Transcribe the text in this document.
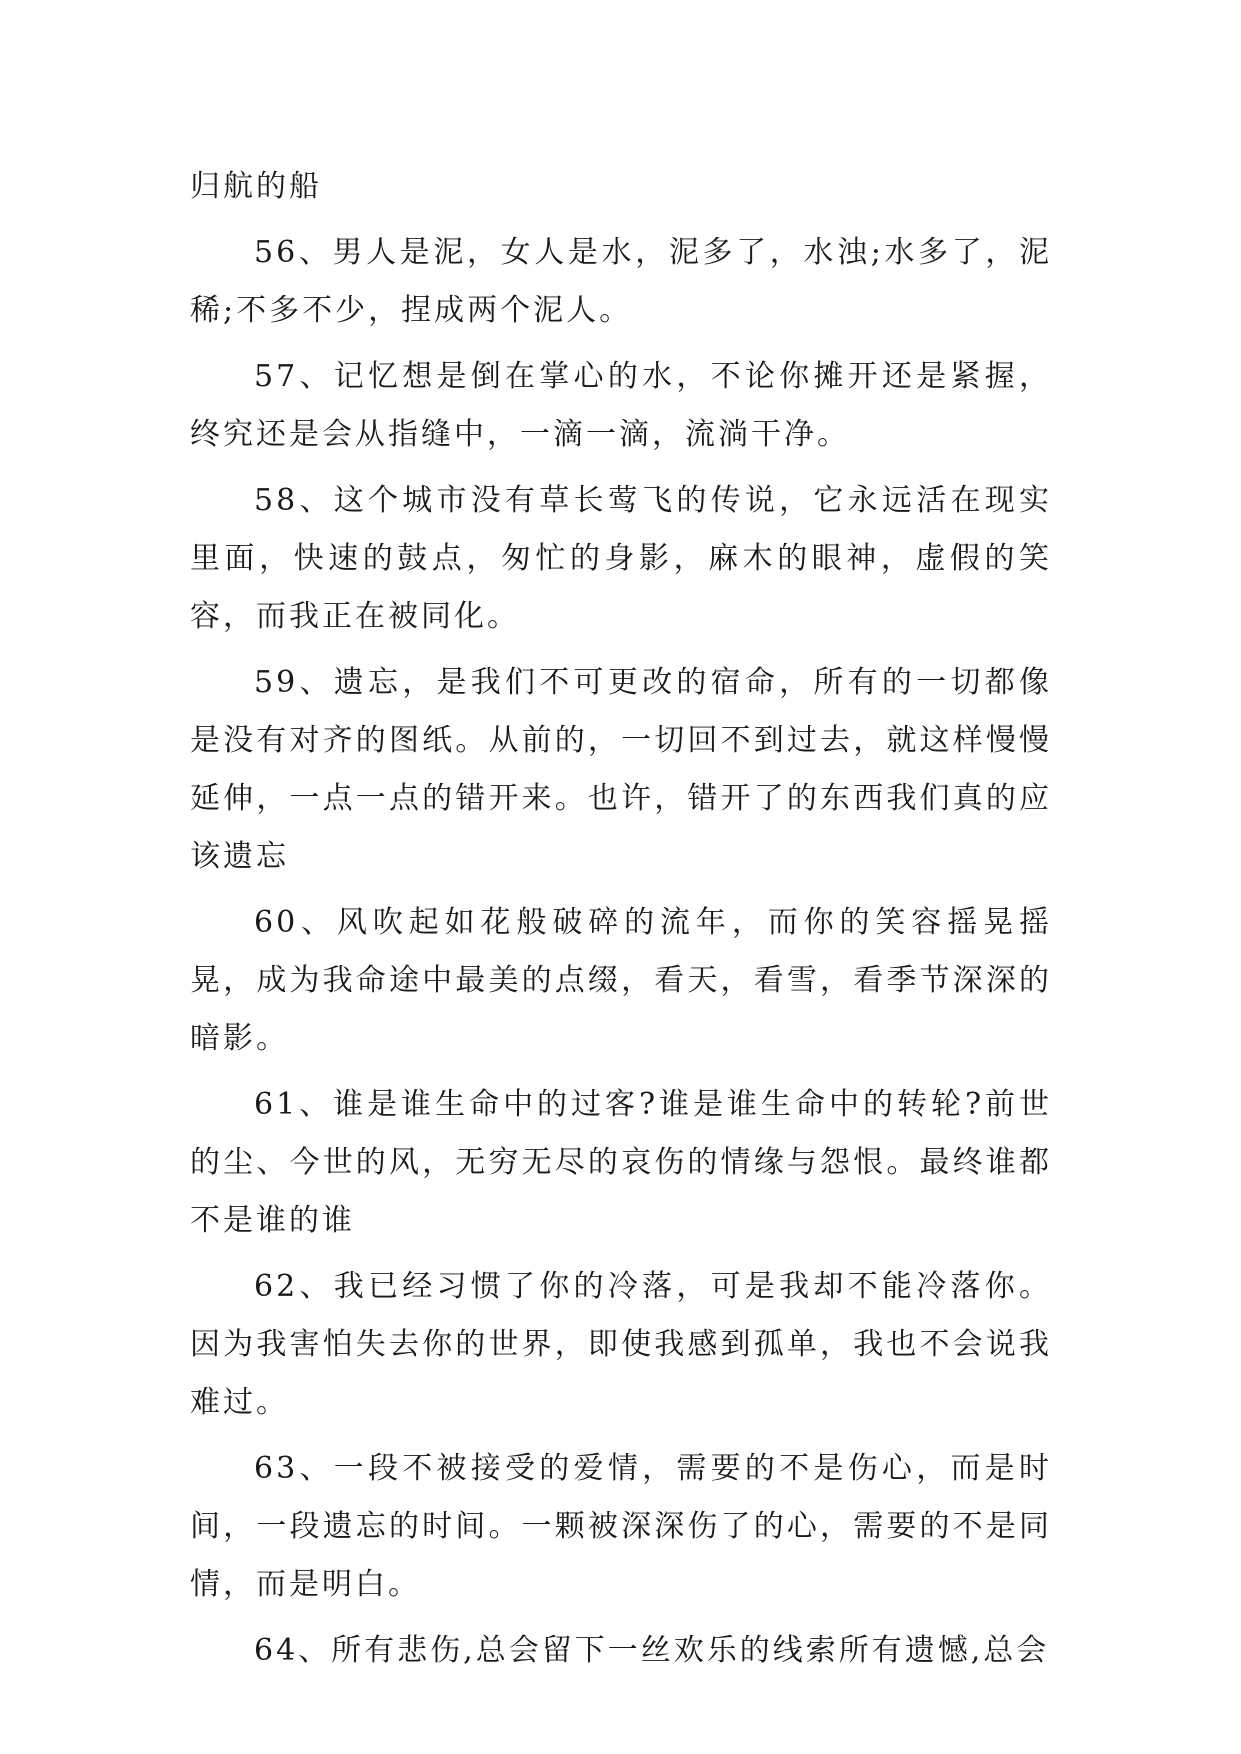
归航的船

56、男人是泥，女人是水，泥多了，水浊;水多了，泥稀;不多不少，捏成两个泥人。

57、记忆想是倒在掌心的水，不论你摊开还是紧握，终究还是会从指缝中，一滴一滴，流淌干净。

58、这个城市没有草长莺飞的传说，它永远活在现实里面，快速的鼓点，匆忙的身影，麻木的眼神，虚假的笑容，而我正在被同化。

59、遗忘，是我们不可更改的宿命，所有的一切都像是没有对齐的图纸。从前的，一切回不到过去，就这样慢慢延伸，一点一点的错开来。也许，错开了的东西我们真的应该遗忘

60、风吹起如花般破碎的流年，而你的笑容摇晃摇晃，成为我命途中最美的点缀，看天，看雪，看季节深深的暗影。

61、谁是谁生命中的过客?谁是谁生命中的转轮?前世的尘、今世的风，无穷无尽的哀伤的情缘与怨恨。最终谁都不是谁的谁

62、我已经习惯了你的冷落，可是我却不能冷落你。因为我害怕失去你的世界，即使我感到孤单，我也不会说我难过。

63、一段不被接受的爱情，需要的不是伤心，而是时间，一段遗忘的时间。一颗被深深伤了的心，需要的不是同情，而是明白。

64、所有悲伤,总会留下一丝欢乐的线索所有遗憾,总会
